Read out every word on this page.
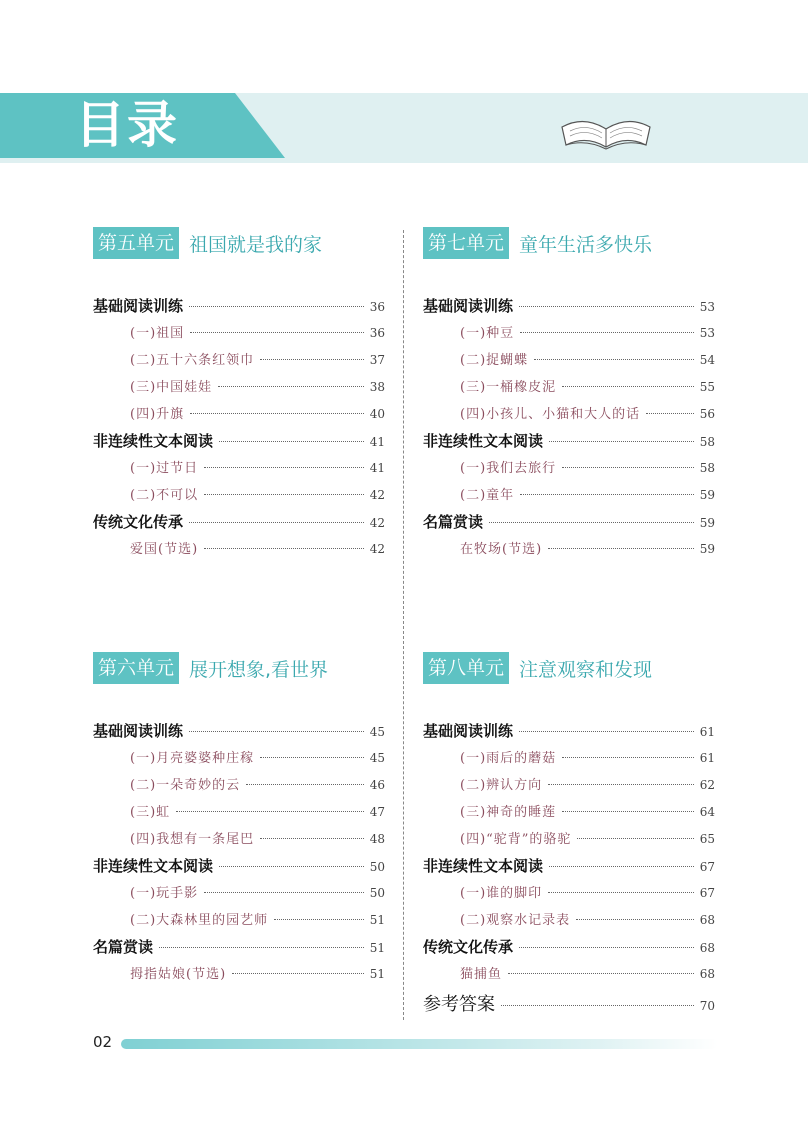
目录
第五单元 祖国就是我的家
基础阅读训练	36
(一)祖国	36
(二)五十六条红领巾	37
(三)中国娃娃	38
(四)升旗	40
非连续性文本阅读	41
(一)过节日	41
(二)不可以	42
传统文化传承	42
爱国(节选)	42
第七单元 童年生活多快乐
基础阅读训练	53
(一)种豆	53
(二)捉蝴蝶	54
(三)一桶橡皮泥	55
(四)小孩儿、小猫和大人的话	56
非连续性文本阅读	58
(一)我们去旅行	58
(二)童年	59
名篇赏读	59
在牧场(节选)	59
第六单元 展开想象,看世界
基础阅读训练	45
(一)月亮婆婆种庄稼	45
(二)一朵奇妙的云	46
(三)虹	47
(四)我想有一条尾巴	48
非连续性文本阅读	50
(一)玩手影	50
(二)大森林里的园艺师	51
名篇赏读	51
拇指姑娘(节选)	51
第八单元 注意观察和发现
基础阅读训练	61
(一)雨后的蘑菇	61
(二)辨认方向	62
(三)神奇的睡莲	64
(四)“驼背”的骆驼	65
非连续性文本阅读	67
(一)谁的脚印	67
(二)观察水记录表	68
传统文化传承	68
猫捕鱼	68
参考答案	70
02
